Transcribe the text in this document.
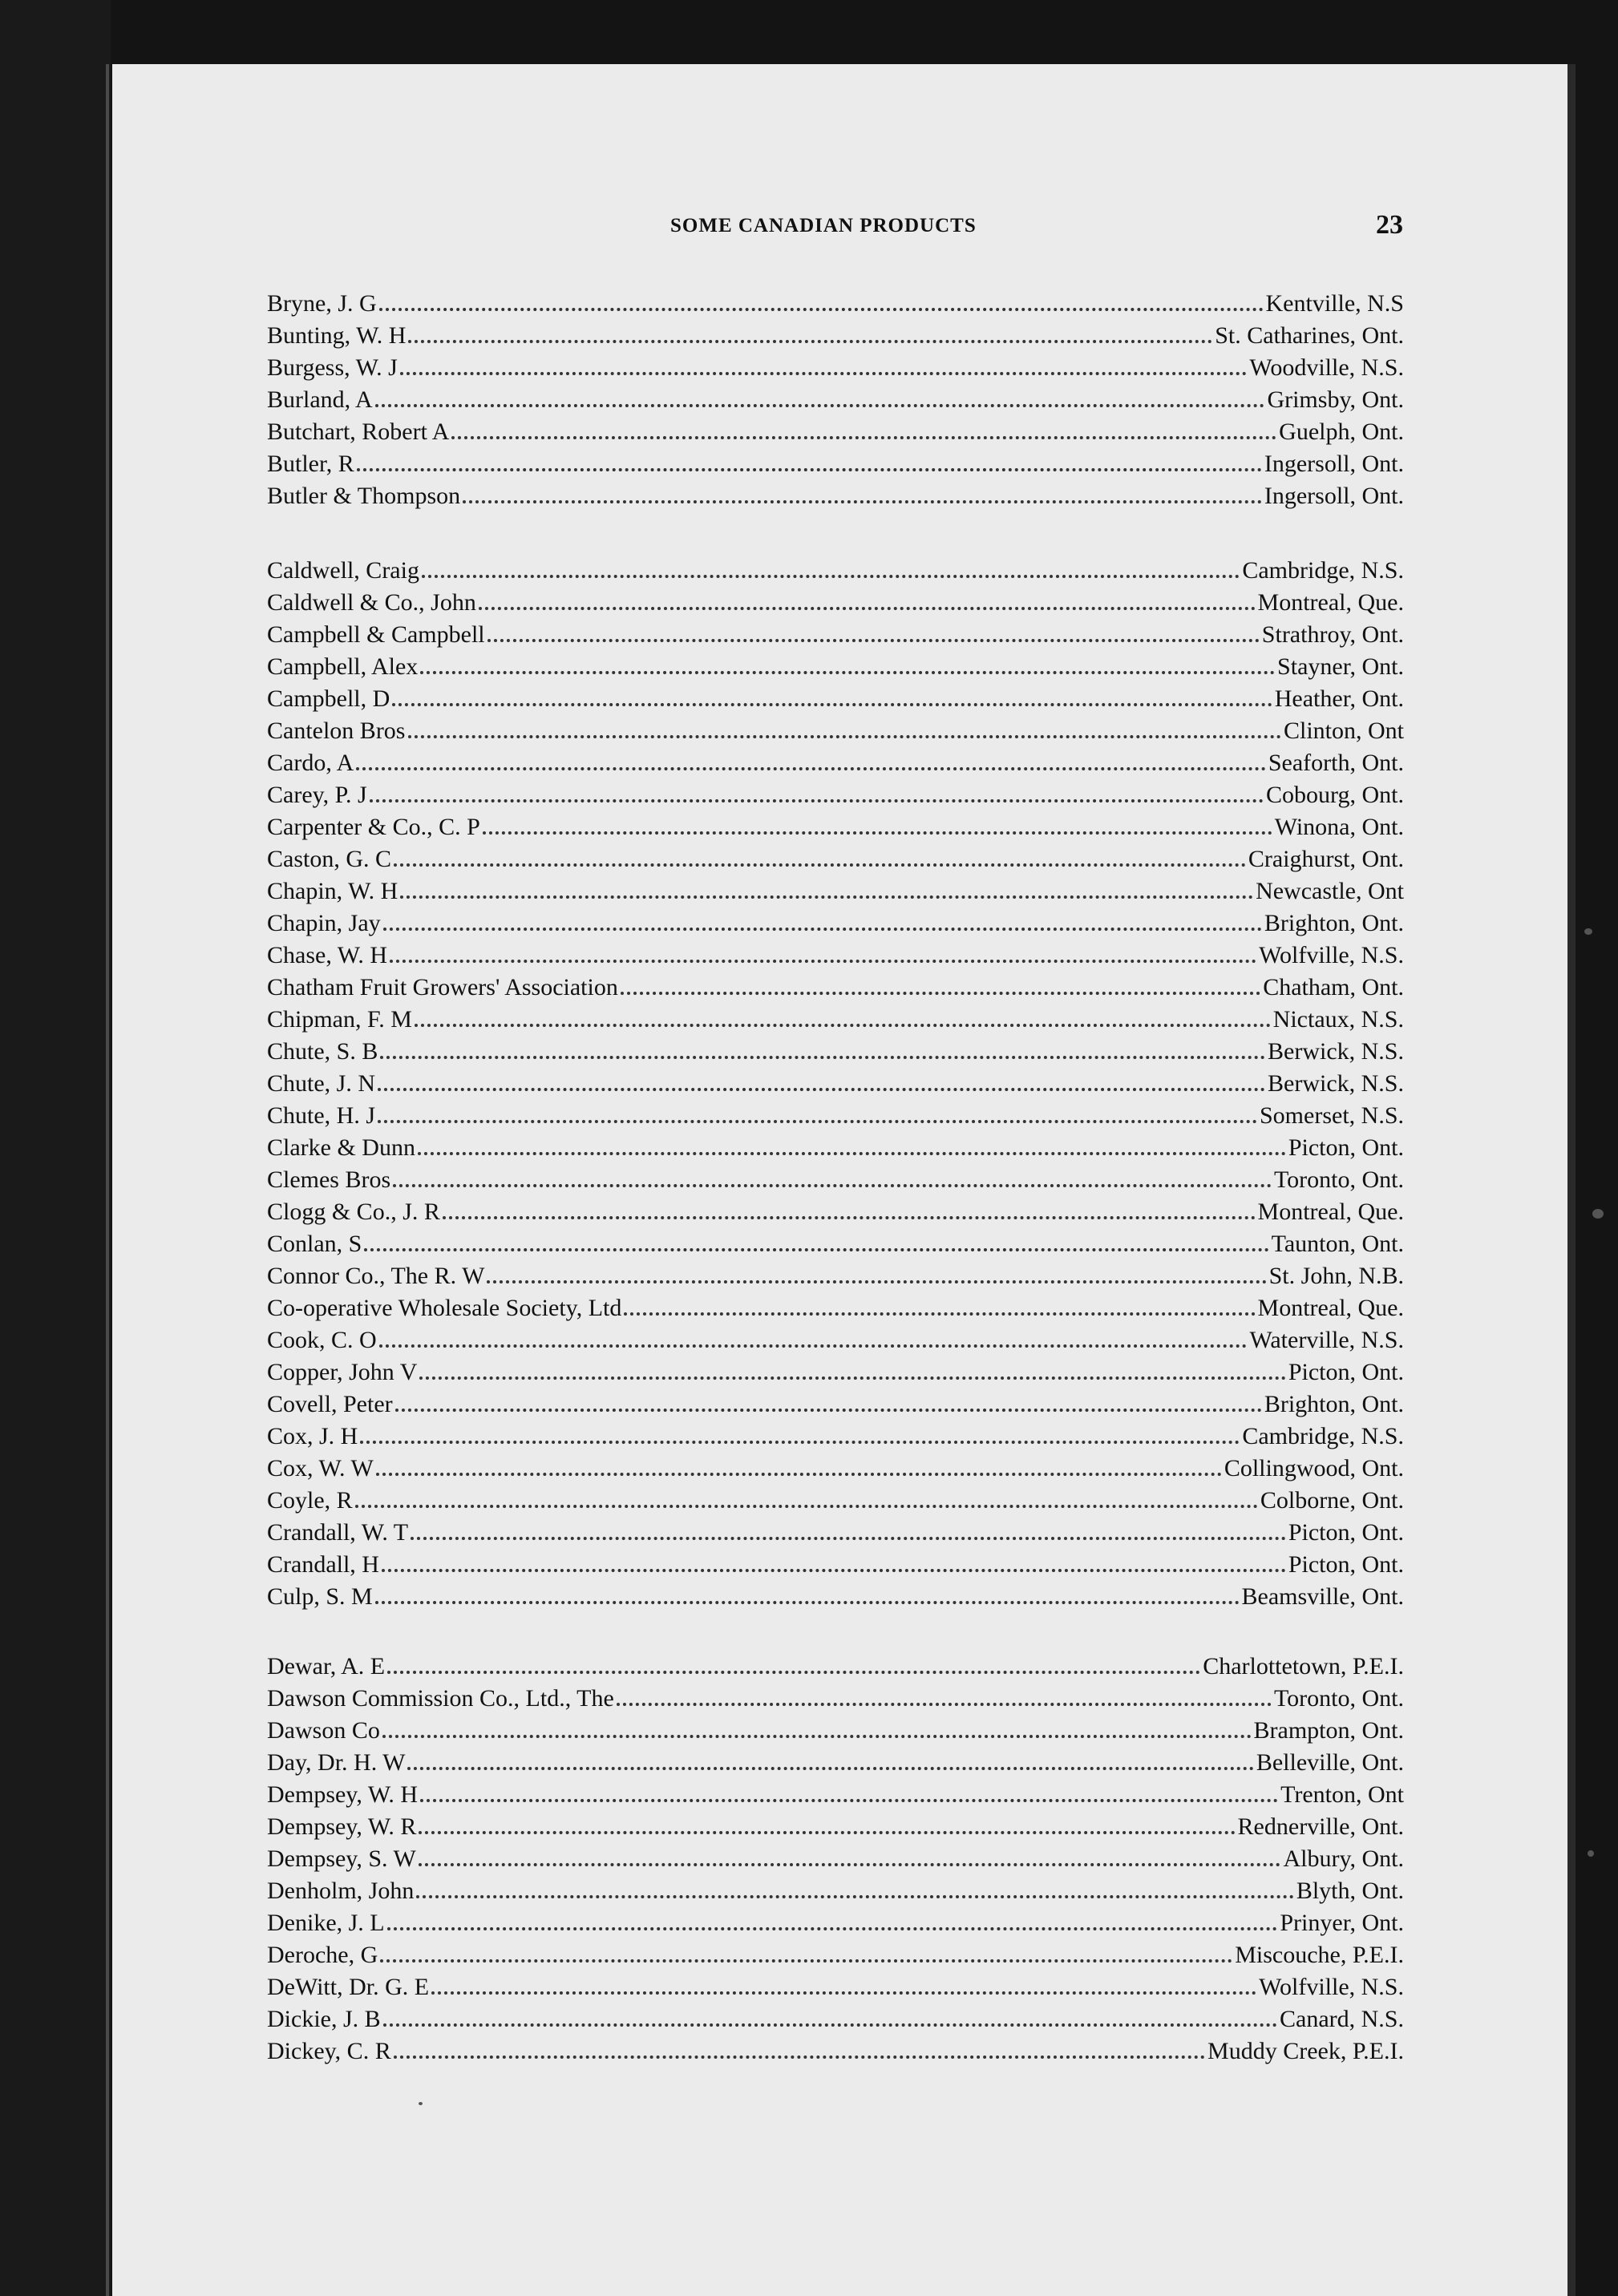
SOME CANADIAN PRODUCTS	23
Bryne, J. G	Kentville, N.S
Bunting, W. H	St. Catharines, Ont.
Burgess, W. J	Woodville, N.S.
Burland, A	Grimsby, Ont.
Butchart, Robert A	Guelph, Ont.
Butler, R	Ingersoll, Ont.
Butler & Thompson	Ingersoll, Ont.
Caldwell, Craig	Cambridge, N.S.
Caldwell & Co., John	Montreal, Que.
Campbell & Campbell	Strathroy, Ont.
Campbell, Alex	Stayner, Ont.
Campbell, D	Heather, Ont.
Cantelon Bros	Clinton, Ont
Cardo, A	Seaforth, Ont.
Carey, P. J	Cobourg, Ont.
Carpenter & Co., C. P	Winona, Ont.
Caston, G. C	Craighurst, Ont.
Chapin, W. H	Newcastle, Ont
Chapin, Jay	Brighton, Ont.
Chase, W. H	Wolfville, N.S.
Chatham Fruit Growers' Association	Chatham, Ont.
Chipman, F. M	Nictaux, N.S.
Chute, S. B	Berwick, N.S.
Chute, J. N	Berwick, N.S.
Chute, H. J	Somerset, N.S.
Clarke & Dunn	Picton, Ont.
Clemes Bros	Toronto, Ont.
Clogg & Co., J. R	Montreal, Que.
Conlan, S	Taunton, Ont.
Connor Co., The R. W	St. John, N.B.
Co-operative Wholesale Society, Ltd	Montreal, Que.
Cook, C. O	Waterville, N.S.
Copper, John V	Picton, Ont.
Covell, Peter	Brighton, Ont.
Cox, J. H	Cambridge, N.S.
Cox, W. W	Collingwood, Ont.
Coyle, R	Colborne, Ont.
Crandall, W. T	Picton, Ont.
Crandall, H	Picton, Ont.
Culp, S. M	Beamsville, Ont.
Dewar, A. E	Charlottetown, P.E.I.
Dawson Commission Co., Ltd., The	Toronto, Ont.
Dawson Co	Brampton, Ont.
Day, Dr. H. W	Belleville, Ont.
Dempsey, W. H	Trenton, Ont
Dempsey, W. R	Rednerville, Ont.
Dempsey, S. W	Albury, Ont.
Denholm, John	Blyth, Ont.
Denike, J. L	Prinyer, Ont.
Deroche, G	Miscouche, P.E.I.
DeWitt, Dr. G. E	Wolfville, N.S.
Dickie, J. B	Canard, N.S.
Dickey, C. R	Muddy Creek, P.E.I.
